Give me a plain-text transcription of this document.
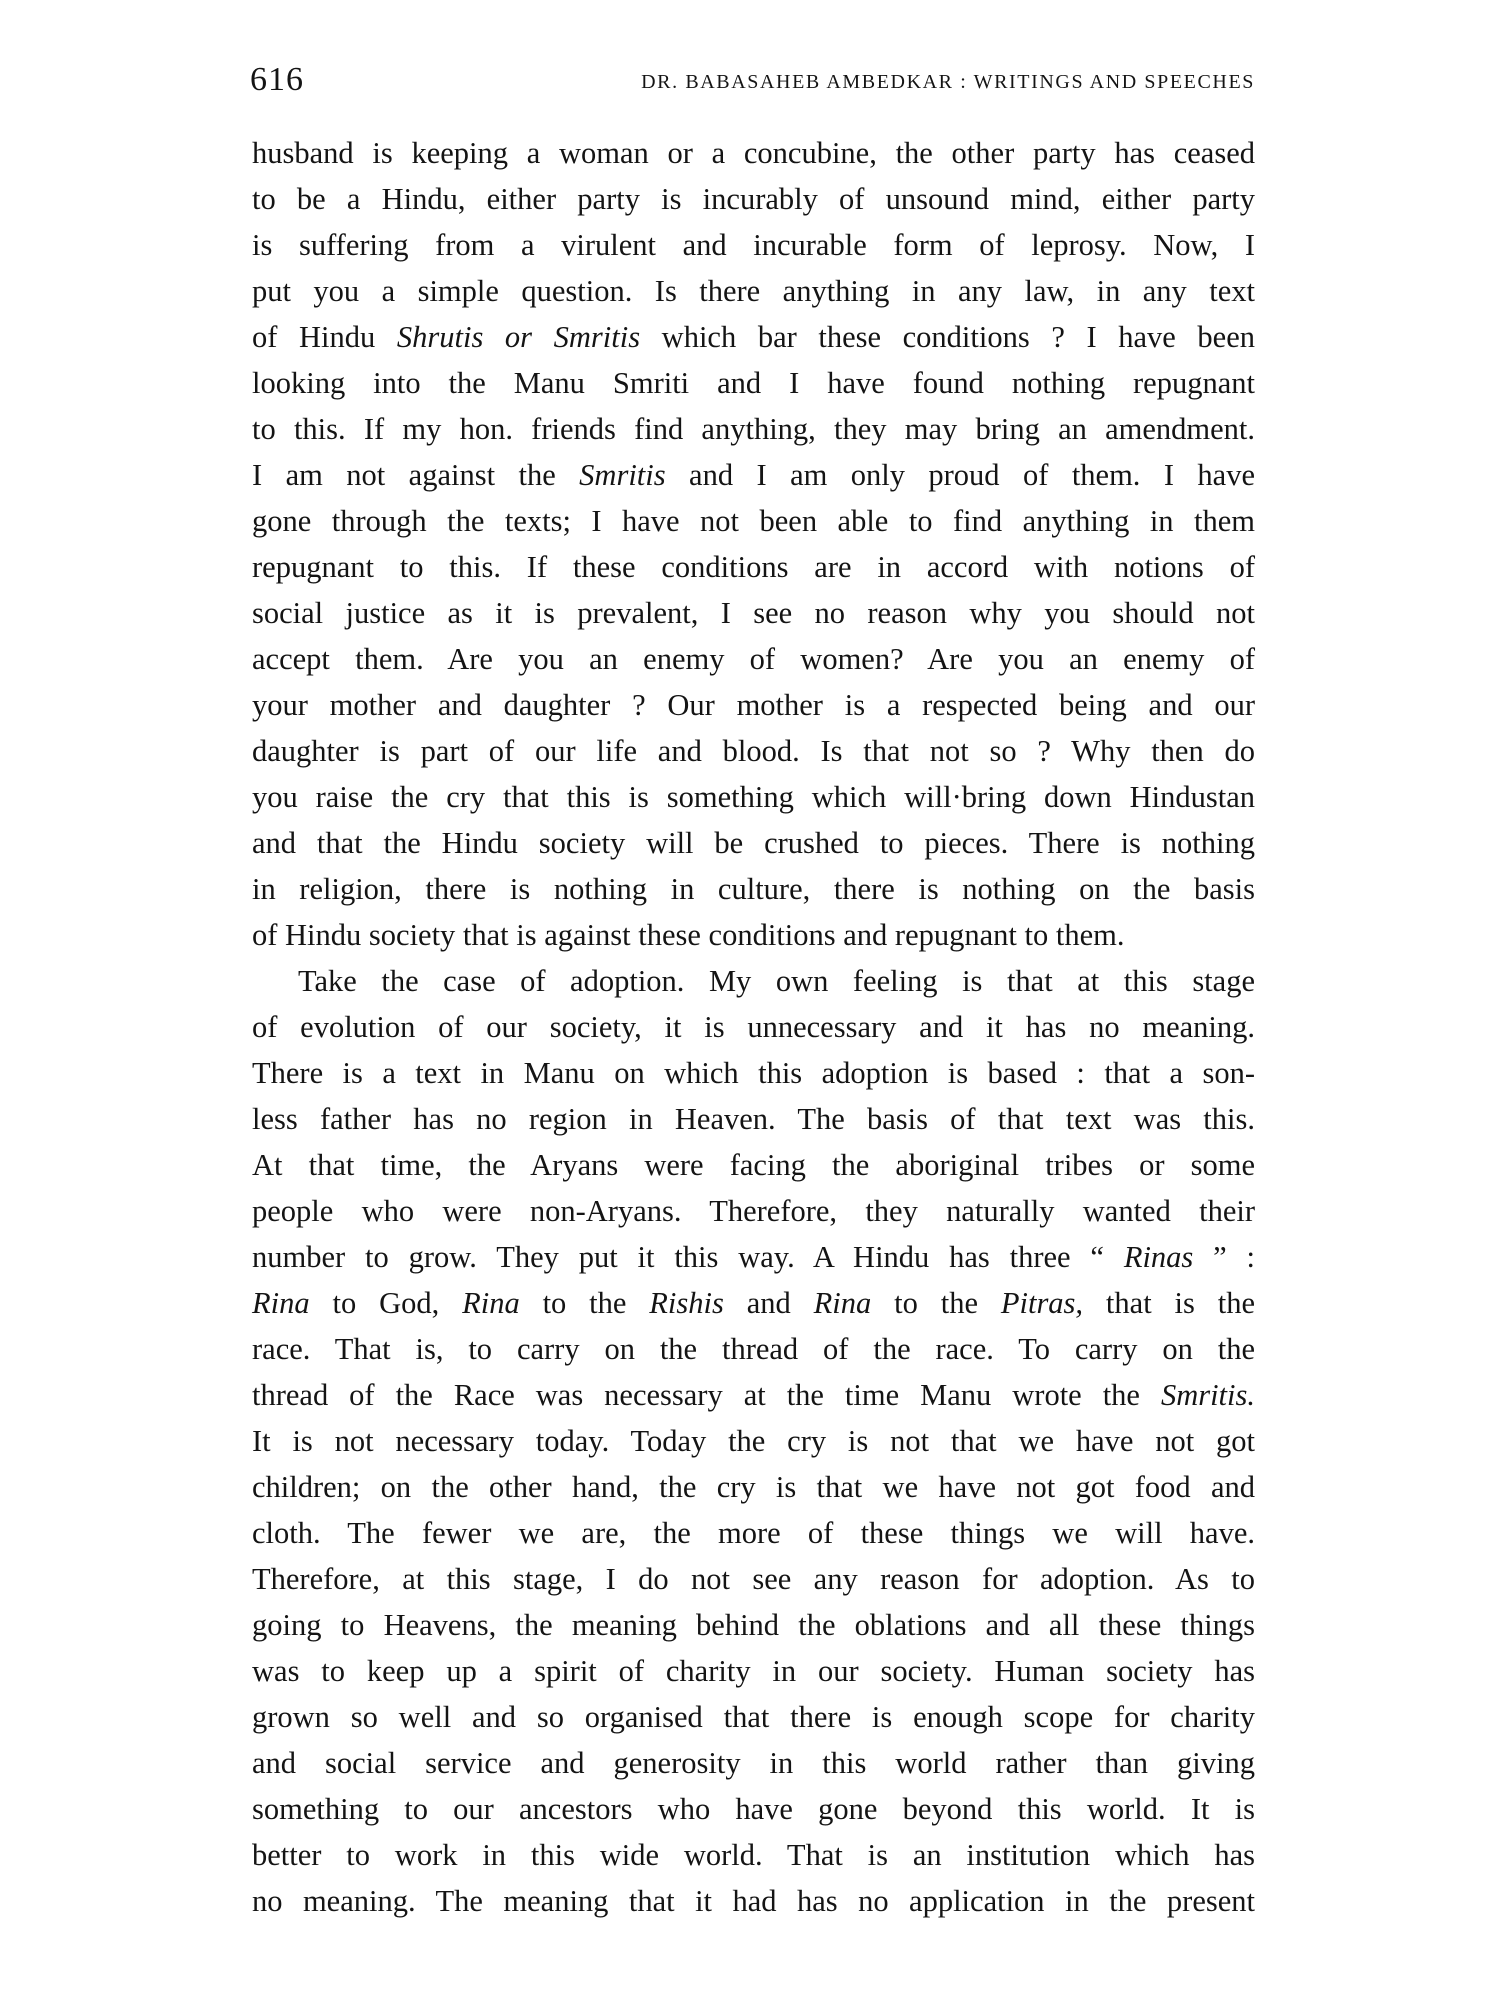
616	DR. BABASAHEB AMBEDKAR : WRITINGS AND SPEECHES
husband is keeping a woman or a concubine, the other party has ceased
to be a Hindu, either party is incurably of unsound mind, either party
is suffering from a virulent and incurable form of leprosy. Now, I
put you a simple question. Is there anything in any law, in any text
of Hindu Shrutis or Smritis which bar these conditions ? I have been
looking into the Manu Smriti and I have found nothing repugnant
to this. If my hon. friends find anything, they may bring an amendment.
I am not against the Smritis and I am only proud of them. I have
gone through the texts; I have not been able to find anything in them
repugnant to this. If these conditions are in accord with notions of
social justice as it is prevalent, I see no reason why you should not
accept them. Are you an enemy of women? Are you an enemy of
your mother and daughter ? Our mother is a respected being and our
daughter is part of our life and blood. Is that not so ? Why then do
you raise the cry that this is something which will·bring down Hindustan
and that the Hindu society will be crushed to pieces. There is nothing
in religion, there is nothing in culture, there is nothing on the basis
of Hindu society that is against these conditions and repugnant to them.
Take the case of adoption. My own feeling is that at this stage
of evolution of our society, it is unnecessary and it has no meaning.
There is a text in Manu on which this adoption is based : that a son-
less father has no region in Heaven. The basis of that text was this.
At that time, the Aryans were facing the aboriginal tribes or some
people who were non-Aryans. Therefore, they naturally wanted their
number to grow. They put it this way. A Hindu has three “ Rinas ” :
Rina to God, Rina to the Rishis and Rina to the Pitras, that is the
race. That is, to carry on the thread of the race. To carry on the
thread of the Race was necessary at the time Manu wrote the Smritis.
It is not necessary today. Today the cry is not that we have not got
children; on the other hand, the cry is that we have not got food and
cloth. The fewer we are, the more of these things we will have.
Therefore, at this stage, I do not see any reason for adoption. As to
going to Heavens, the meaning behind the oblations and all these things
was to keep up a spirit of charity in our society. Human society has
grown so well and so organised that there is enough scope for charity
and social service and generosity in this world rather than giving
something to our ancestors who have gone beyond this world. It is
better to work in this wide world. That is an institution which has
no meaning. The meaning that it had has no application in the present
